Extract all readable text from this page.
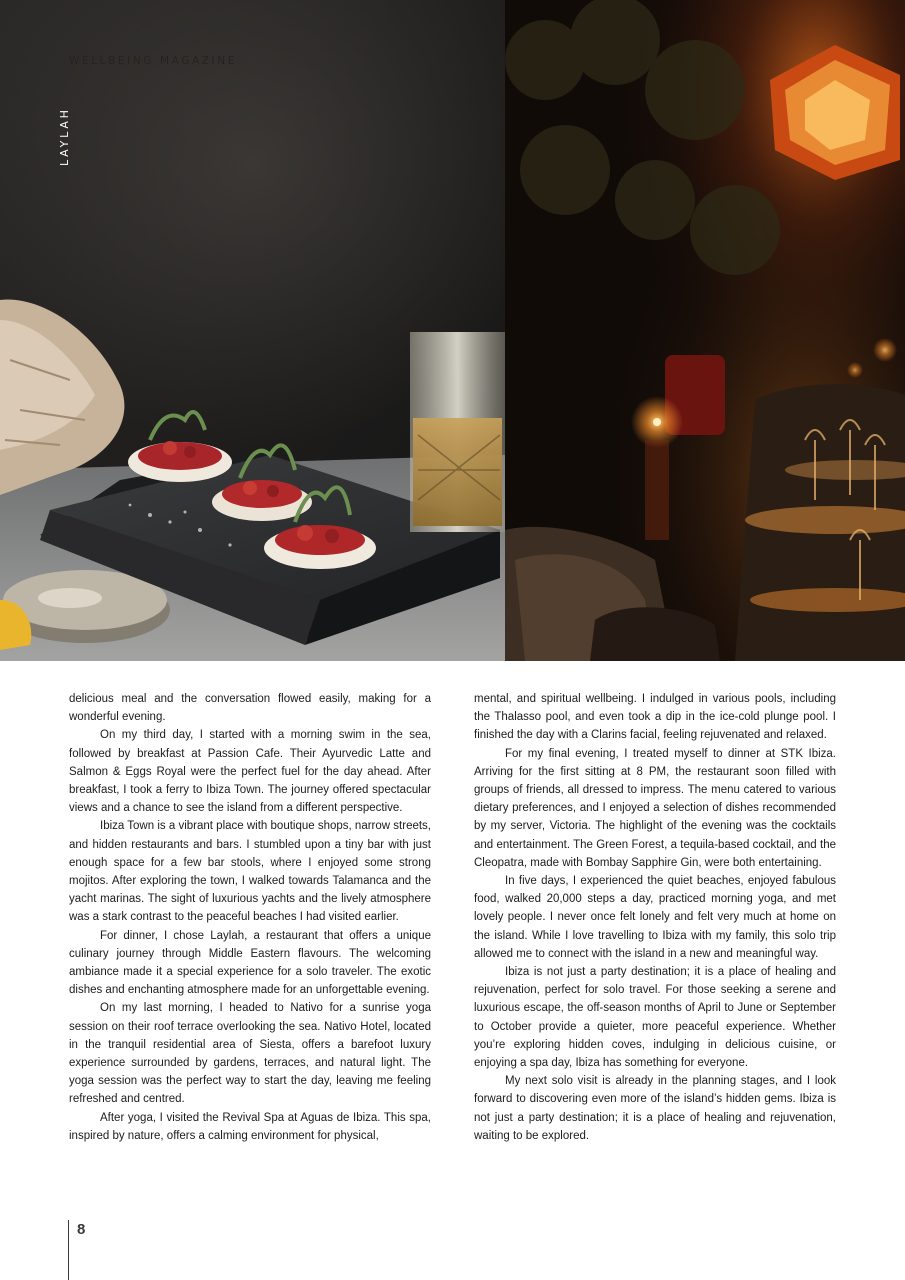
WELLBEING MAGAZINE

LAYLAH

delicious meal and the conversation flowed easily, making for a wonderful evening.

On my third day, I started with a morning swim in the sea, followed by breakfast at Passion Cafe. Their Ayurvedic Latte and Salmon & Eggs Royal were the perfect fuel for the day ahead. After breakfast, I took a ferry to Ibiza Town. The journey offered spectacular views and a chance to see the island from a different perspective.

Ibiza Town is a vibrant place with boutique shops, narrow streets, and hidden restaurants and bars. I stumbled upon a tiny bar with just enough space for a few bar stools, where I enjoyed some strong mojitos. After exploring the town, I walked towards Talamanca and the yacht marinas. The sight of luxurious yachts and the lively atmosphere was a stark contrast to the peaceful beaches I had visited earlier.

For dinner, I chose Laylah, a restaurant that offers a unique culinary journey through Middle Eastern flavours. The welcoming ambiance made it a special experience for a solo traveler. The exotic dishes and enchanting atmosphere made for an unforgettable evening.

On my last morning, I headed to Nativo for a sunrise yoga session on their roof terrace overlooking the sea. Nativo Hotel, located in the tranquil residential area of Siesta, offers a barefoot luxury experience surrounded by gardens, terraces, and natural light. The yoga session was the perfect way to start the day, leaving me feeling refreshed and centred.

After yoga, I visited the Revival Spa at Aguas de Ibiza. This spa, inspired by nature, offers a calming environment for physical,

mental, and spiritual wellbeing. I indulged in various pools, including the Thalasso pool, and even took a dip in the ice-cold plunge pool. I finished the day with a Clarins facial, feeling rejuvenated and relaxed.

For my final evening, I treated myself to dinner at STK Ibiza. Arriving for the first sitting at 8 PM, the restaurant soon filled with groups of friends, all dressed to impress. The menu catered to various dietary preferences, and I enjoyed a selection of dishes recommended by my server, Victoria. The highlight of the evening was the cocktails and entertainment. The Green Forest, a tequila-based cocktail, and the Cleopatra, made with Bombay Sapphire Gin, were both entertaining.

In five days, I experienced the quiet beaches, enjoyed fabulous food, walked 20,000 steps a day, practiced morning yoga, and met lovely people. I never once felt lonely and felt very much at home on the island. While I love travelling to Ibiza with my family, this solo trip allowed me to connect with the island in a new and meaningful way.

Ibiza is not just a party destination; it is a place of healing and rejuvenation, perfect for solo travel. For those seeking a serene and luxurious escape, the off-season months of April to June or September to October provide a quieter, more peaceful experience. Whether you’re exploring hidden coves, indulging in delicious cuisine, or enjoying a spa day, Ibiza has something for everyone.

My next solo visit is already in the planning stages, and I look forward to discovering even more of the island’s hidden gems. Ibiza is not just a party destination; it is a place of healing and rejuvenation, waiting to be explored.

8
